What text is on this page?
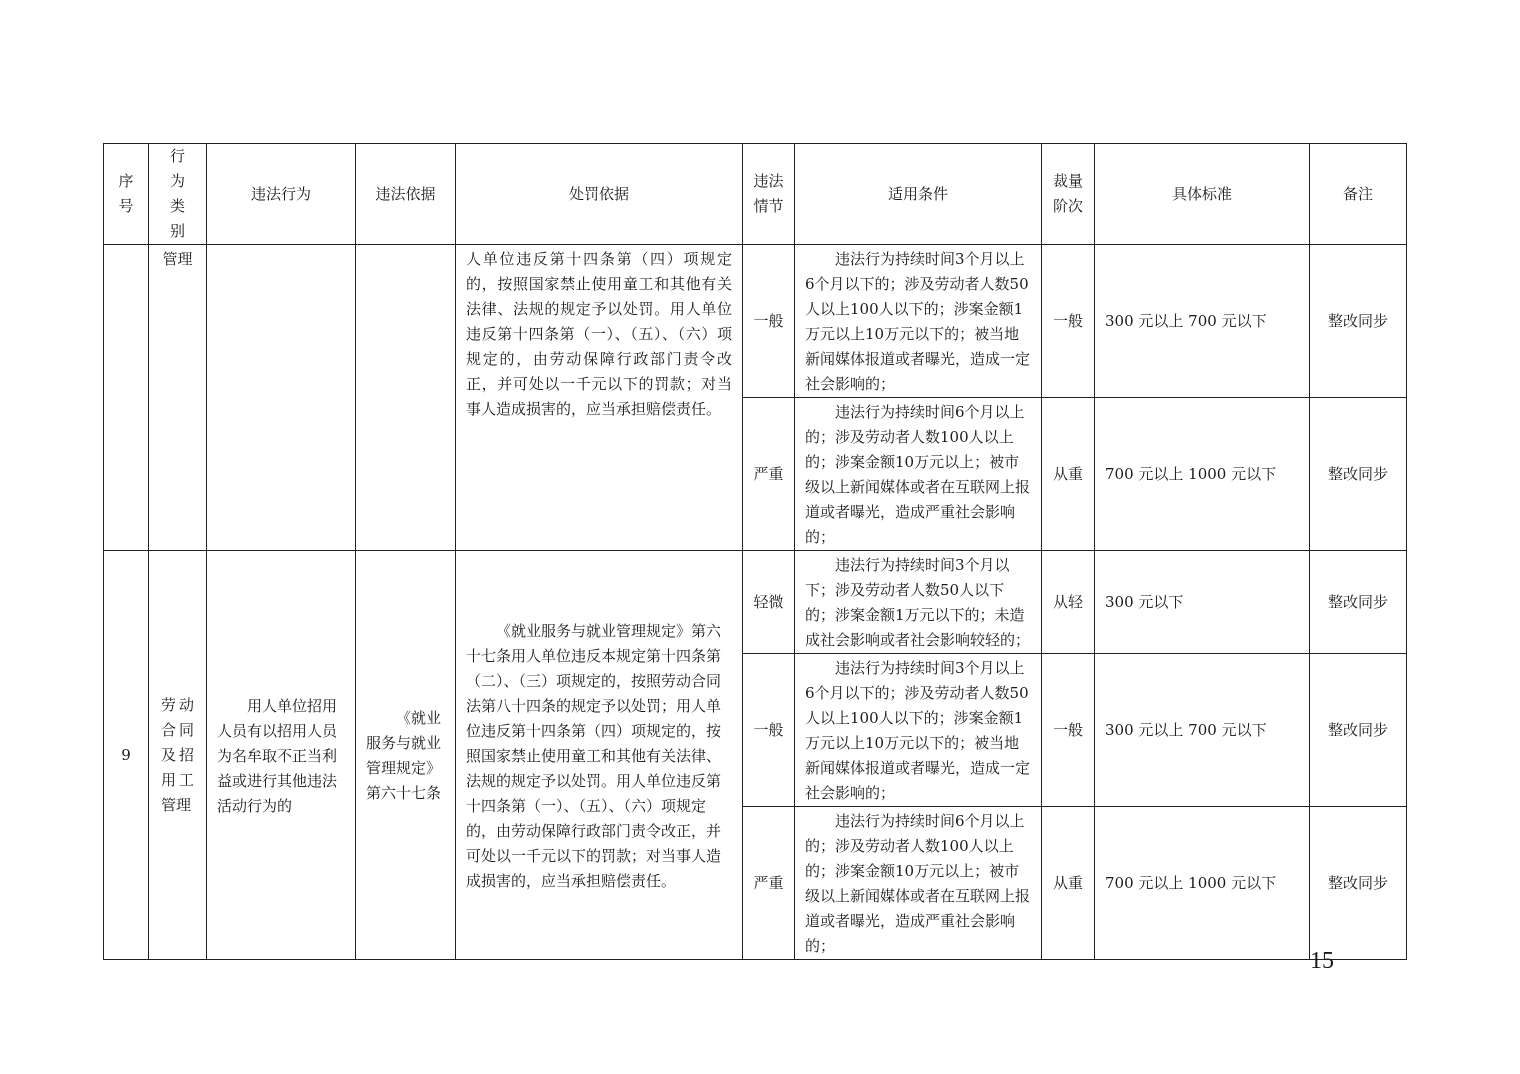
序号	行为类别	违法行为	违法依据	处罚依据	违法情节	适用条件	裁量阶次	具体标准	备注
	管理			人单位违反第十四条第（四）项规定的，按照国家禁止使用童工和其他有关法律、法规的规定予以处罚。用人单位违反第十四条第（一）、（五）、（六）项规定的，由劳动保障行政部门责令改正，并可处以一千元以下的罚款；对当事人造成损害的，应当承担赔偿责任。	一般	违法行为持续时间3个月以上6个月以下的；涉及劳动者人数50人以上100人以下的；涉案金额1万元以上10万元以下的；被当地新闻媒体报道或者曝光，造成一定社会影响的；	一般	300 元以上 700 元以下	整改同步
					严重	违法行为持续时间6个月以上的；涉及劳动者人数100人以上的；涉案金额10万元以上；被市级以上新闻媒体或者在互联网上报道或者曝光，造成严重社会影响的；	从重	700 元以上 1000 元以下	整改同步
9	劳动合同及招用工管理	用人单位招用人员有以招用人员为名牟取不正当利益或进行其他违法活动行为的	《就业服务与就业管理规定》第六十七条	《就业服务与就业管理规定》第六十七条用人单位违反本规定第十四条第（二）、（三）项规定的，按照劳动合同法第八十四条的规定予以处罚；用人单位违反第十四条第（四）项规定的，按照国家禁止使用童工和其他有关法律、法规的规定予以处罚。用人单位违反第十四条第（一）、（五）、（六）项规定的，由劳动保障行政部门责令改正，并可处以一千元以下的罚款；对当事人造成损害的，应当承担赔偿责任。	轻微	违法行为持续时间3个月以下；涉及劳动者人数50人以下的；涉案金额1万元以下的；未造成社会影响或者社会影响较轻的；	从轻	300 元以下	整改同步
					一般	违法行为持续时间3个月以上6个月以下的；涉及劳动者人数50人以上100人以下的；涉案金额1万元以上10万元以下的；被当地新闻媒体报道或者曝光，造成一定社会影响的；	一般	300 元以上 700 元以下	整改同步
					严重	违法行为持续时间6个月以上的；涉及劳动者人数100人以上的；涉案金额10万元以上；被市级以上新闻媒体或者在互联网上报道或者曝光，造成严重社会影响的；	从重	700 元以上 1000 元以下	整改同步
15
